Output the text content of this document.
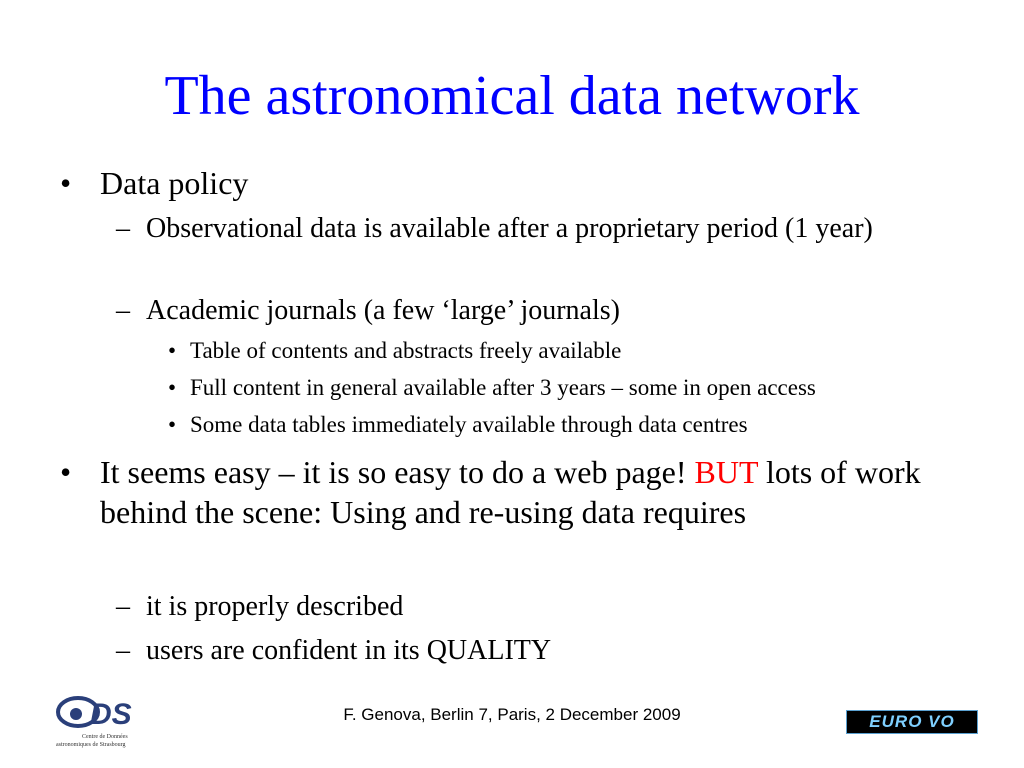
The astronomical data network
• Data policy
– Observational data is available after a proprietary period (1 year)
– Academic journals (a few ‘large’ journals)
• Table of contents and abstracts freely available
• Full content in general available after 3 years – some in open access
• Some data tables immediately available through data centres
• It seems easy – it is so easy to do a web page! BUT lots of work behind the scene: Using and re-using data requires
– it is properly described
– users are confident in its QUALITY
F. Genova, Berlin 7, Paris, 2 December 2009
DS
Centre de Données
astronomiques de Strasbourg
EURO VO
